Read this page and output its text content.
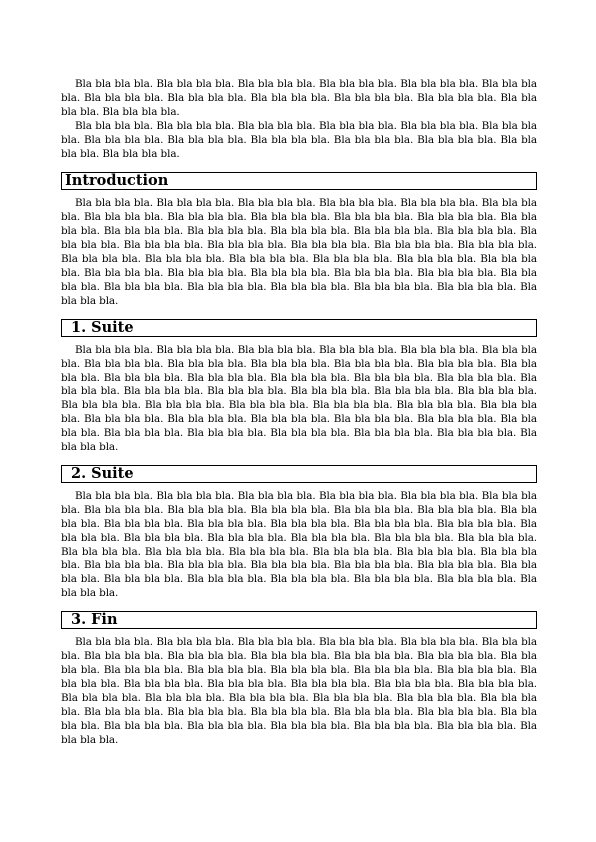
Bla bla bla bla. Bla bla bla bla. Bla bla bla bla. Bla bla bla bla. Bla bla bla bla. Bla bla bla bla. Bla bla bla bla. Bla bla bla bla. Bla bla bla bla. Bla bla bla bla. Bla bla bla bla. Bla bla bla bla. Bla bla bla bla.

Bla bla bla bla. Bla bla bla bla. Bla bla bla bla. Bla bla bla bla. Bla bla bla bla. Bla bla bla bla. Bla bla bla bla. Bla bla bla bla. Bla bla bla bla. Bla bla bla bla. Bla bla bla bla. Bla bla bla bla. Bla bla bla bla.

Introduction

Bla bla bla bla. Bla bla bla bla. Bla bla bla bla. Bla bla bla bla. Bla bla bla bla. Bla bla bla bla. Bla bla bla bla. Bla bla bla bla. Bla bla bla bla. Bla bla bla bla. Bla bla bla bla. Bla bla bla bla. Bla bla bla bla. Bla bla bla bla. Bla bla bla bla. Bla bla bla bla. Bla bla bla bla. Bla bla bla bla. Bla bla bla bla. Bla bla bla bla. Bla bla bla bla. Bla bla bla bla. Bla bla bla bla. Bla bla bla bla. Bla bla bla bla. Bla bla bla bla. Bla bla bla bla. Bla bla bla bla. Bla bla bla bla. Bla bla bla bla. Bla bla bla bla. Bla bla bla bla. Bla bla bla bla. Bla bla bla bla. Bla bla bla bla. Bla bla bla bla. Bla bla bla bla. Bla bla bla bla. Bla bla bla bla. Bla bla bla bla. Bla bla bla bla.

1. Suite

Bla bla bla bla. Bla bla bla bla. Bla bla bla bla. Bla bla bla bla. Bla bla bla bla. Bla bla bla bla. Bla bla bla bla. Bla bla bla bla. Bla bla bla bla. Bla bla bla bla. Bla bla bla bla. Bla bla bla bla. Bla bla bla bla. Bla bla bla bla. Bla bla bla bla. Bla bla bla bla. Bla bla bla bla. Bla bla bla bla. Bla bla bla bla. Bla bla bla bla. Bla bla bla bla. Bla bla bla bla. Bla bla bla bla. Bla bla bla bla. Bla bla bla bla. Bla bla bla bla. Bla bla bla bla. Bla bla bla bla. Bla bla bla bla. Bla bla bla bla. Bla bla bla bla. Bla bla bla bla. Bla bla bla bla. Bla bla bla bla. Bla bla bla bla. Bla bla bla bla. Bla bla bla bla. Bla bla bla bla. Bla bla bla bla. Bla bla bla bla. Bla bla bla bla.

2. Suite

Bla bla bla bla. Bla bla bla bla. Bla bla bla bla. Bla bla bla bla. Bla bla bla bla. Bla bla bla bla. Bla bla bla bla. Bla bla bla bla. Bla bla bla bla. Bla bla bla bla. Bla bla bla bla. Bla bla bla bla. Bla bla bla bla. Bla bla bla bla. Bla bla bla bla. Bla bla bla bla. Bla bla bla bla. Bla bla bla bla. Bla bla bla bla. Bla bla bla bla. Bla bla bla bla. Bla bla bla bla. Bla bla bla bla. Bla bla bla bla. Bla bla bla bla. Bla bla bla bla. Bla bla bla bla. Bla bla bla bla. Bla bla bla bla. Bla bla bla bla. Bla bla bla bla. Bla bla bla bla. Bla bla bla bla. Bla bla bla bla. Bla bla bla bla. Bla bla bla bla. Bla bla bla bla. Bla bla bla bla. Bla bla bla bla. Bla bla bla bla. Bla bla bla bla.

3. Fin

Bla bla bla bla. Bla bla bla bla. Bla bla bla bla. Bla bla bla bla. Bla bla bla bla. Bla bla bla bla. Bla bla bla bla. Bla bla bla bla. Bla bla bla bla. Bla bla bla bla. Bla bla bla bla. Bla bla bla bla. Bla bla bla bla. Bla bla bla bla. Bla bla bla bla. Bla bla bla bla. Bla bla bla bla. Bla bla bla bla. Bla bla bla bla. Bla bla bla bla. Bla bla bla bla. Bla bla bla bla. Bla bla bla bla. Bla bla bla bla. Bla bla bla bla. Bla bla bla bla. Bla bla bla bla. Bla bla bla bla. Bla bla bla bla. Bla bla bla bla. Bla bla bla bla. Bla bla bla bla. Bla bla bla bla. Bla bla bla bla. Bla bla bla bla. Bla bla bla bla. Bla bla bla bla. Bla bla bla bla. Bla bla bla bla. Bla bla bla bla. Bla bla bla bla.
